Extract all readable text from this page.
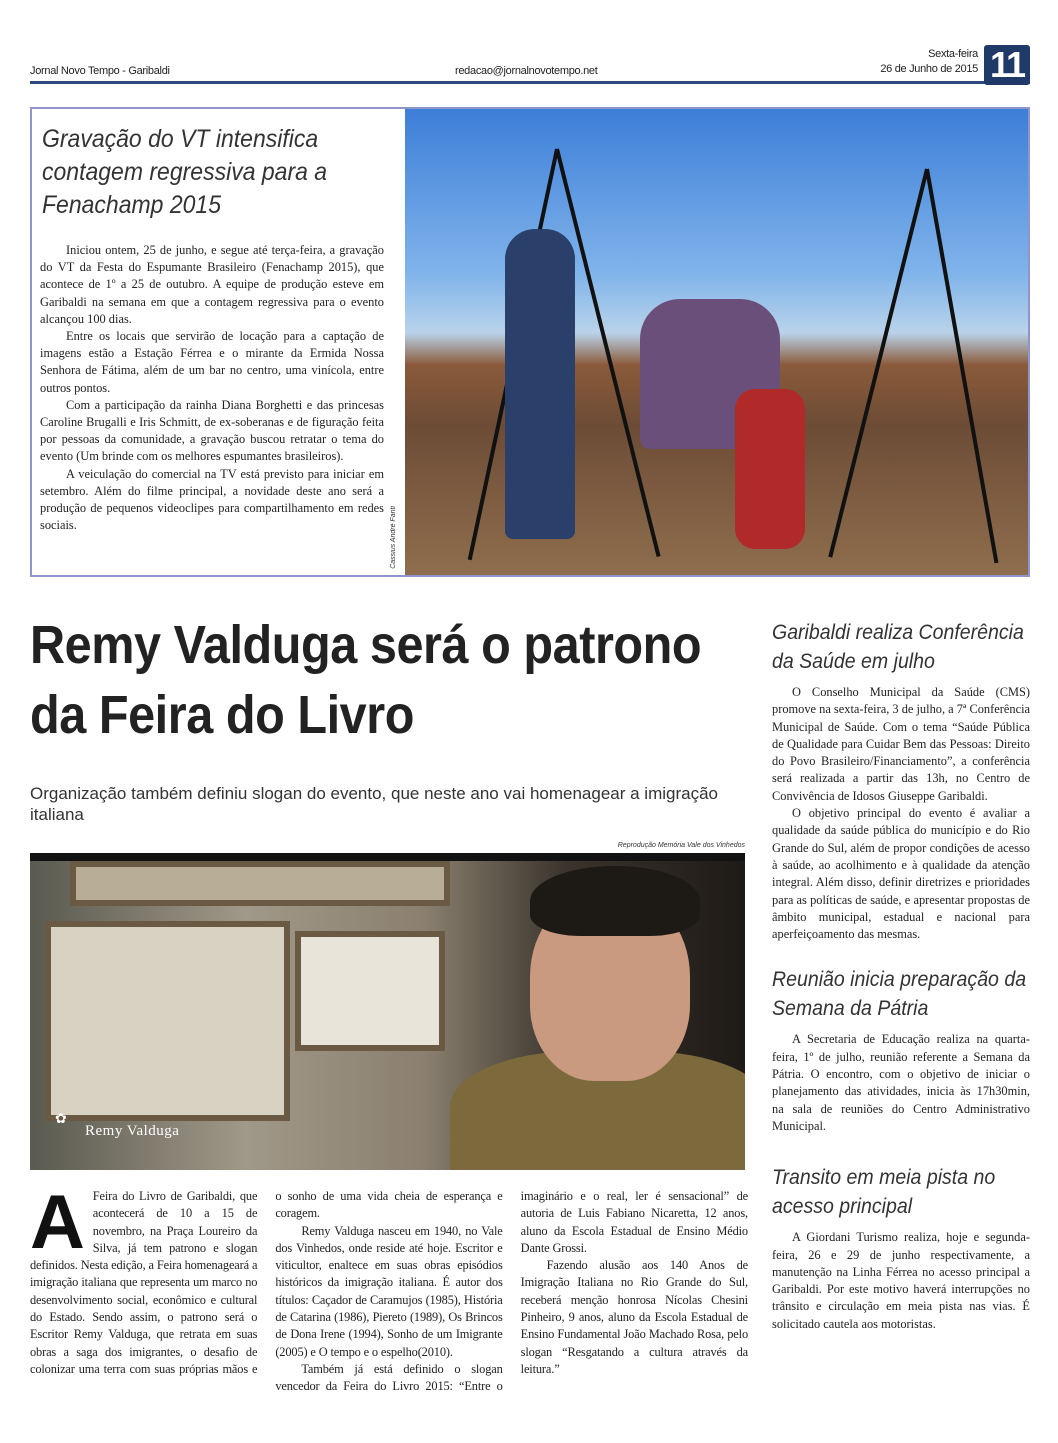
Jornal Novo Tempo - Garibaldi	redacao@jornalnovotempo.net
Sexta-feira
26 de Junho de 2015 11
Gravação do VT intensifica contagem regressiva para a Fenachamp 2015

Iniciou ontem, 25 de junho, e segue até terça-feira, a gravação do VT da Festa do Espumante Brasileiro (Fenachamp 2015), que acontece de 1º a 25 de outubro. A equipe de produção esteve em Garibaldi na semana em que a contagem regressiva para o evento alcançou 100 dias.

Entre os locais que servirão de locação para a captação de imagens estão a Estação Férrea e o mirante da Ermida Nossa Senhora de Fátima, além de um bar no centro, uma vinícola, entre outros pontos.

Com a participação da rainha Diana Borghetti e das princesas Caroline Brugalli e Iris Schmitt, de ex-soberanas e de figuração feita por pessoas da comunidade, a gravação buscou retratar o tema do evento (Um brinde com os melhores espumantes brasileiros).

A veiculação do comercial na TV está previsto para iniciar em setembro. Além do filme principal, a novidade deste ano será a produção de pequenos videoclipes para compartilhamento em redes sociais.	Cassius André Fanti
Remy Valduga será o patrono da Feira do Livro
Organização também definiu slogan do evento, que neste ano vai homenagear a imigração italiana
Reprodução Memória Vale dos Vinhedos
✿
Remy Valduga

A Feira do Livro de Garibaldi, que acontecerá de 10 a 15 de novembro, na Praça Loureiro da Silva, já tem patrono e slogan definidos. Nesta edição, a Feira homenageará a imigração italiana que representa um marco no desenvolvimento social, econômico e cultural do Estado. Sendo assim, o patrono será o Escritor Remy Valduga, que retrata em suas obras a saga dos imigrantes, o desafio de colonizar uma terra com suas próprias mãos e o sonho de uma vida cheia de esperança e coragem.

Remy Valduga nasceu em 1940, no Vale dos Vinhedos, onde reside até hoje. Escritor e viticultor, enaltece em suas obras episódios históricos da imigração italiana. É autor dos títulos: Caçador de Caramujos (1985), História de Catarina (1986), Piereto (1989), Os Brincos de Dona Irene (1994), Sonho de um Imigrante (2005) e O tempo e o espelho(2010).

Também já está definido o slogan vencedor da Feira do Livro 2015: “Entre o imaginário e o real, ler é sensacional” de autoria de Luis Fabiano Nicaretta, 12 anos, aluno da Escola Estadual de Ensino Médio Dante Grossi.

Fazendo alusão aos 140 Anos de Imigração Italiana no Rio Grande do Sul, receberá menção honrosa Nícolas Chesini Pinheiro, 9 anos, aluno da Escola Estadual de Ensino Fundamental João Machado Rosa, pelo slogan “Resgatando a cultura através da leitura.”

Garibaldi realiza Conferência da Saúde em julho

O Conselho Municipal da Saúde (CMS) promove na sexta-feira, 3 de julho, a 7ª Conferência Municipal de Saúde. Com o tema “Saúde Pública de Qualidade para Cuidar Bem das Pessoas: Direito do Povo Brasileiro/Financiamento”, a conferência será realizada a partir das 13h, no Centro de Convivência de Idosos Giuseppe Garibaldi.

O objetivo principal do evento é avaliar a qualidade da saúde pública do município e do Rio Grande do Sul, além de propor condições de acesso à saúde, ao acolhimento e à qualidade da atenção integral. Além disso, definir diretrizes e prioridades para as políticas de saúde, e apresentar propostas de âmbito municipal, estadual e nacional para aperfeiçoamento das mesmas.

Reunião inicia preparação da Semana da Pátria

A Secretaria de Educação realiza na quarta-feira, 1º de julho, reunião referente a Semana da Pátria. O encontro, com o objetivo de iniciar o planejamento das atividades, inicia às 17h30min, na sala de reuniões do Centro Administrativo Municipal.

Transito em meia pista no acesso principal

A Giordani Turismo realiza, hoje e segunda-feira, 26 e 29 de junho respectivamente, a manutenção na Linha Férrea no acesso principal a Garibaldi. Por este motivo haverá interrupções no trânsito e circulação em meia pista nas vias. É solicitado cautela aos motoristas.
